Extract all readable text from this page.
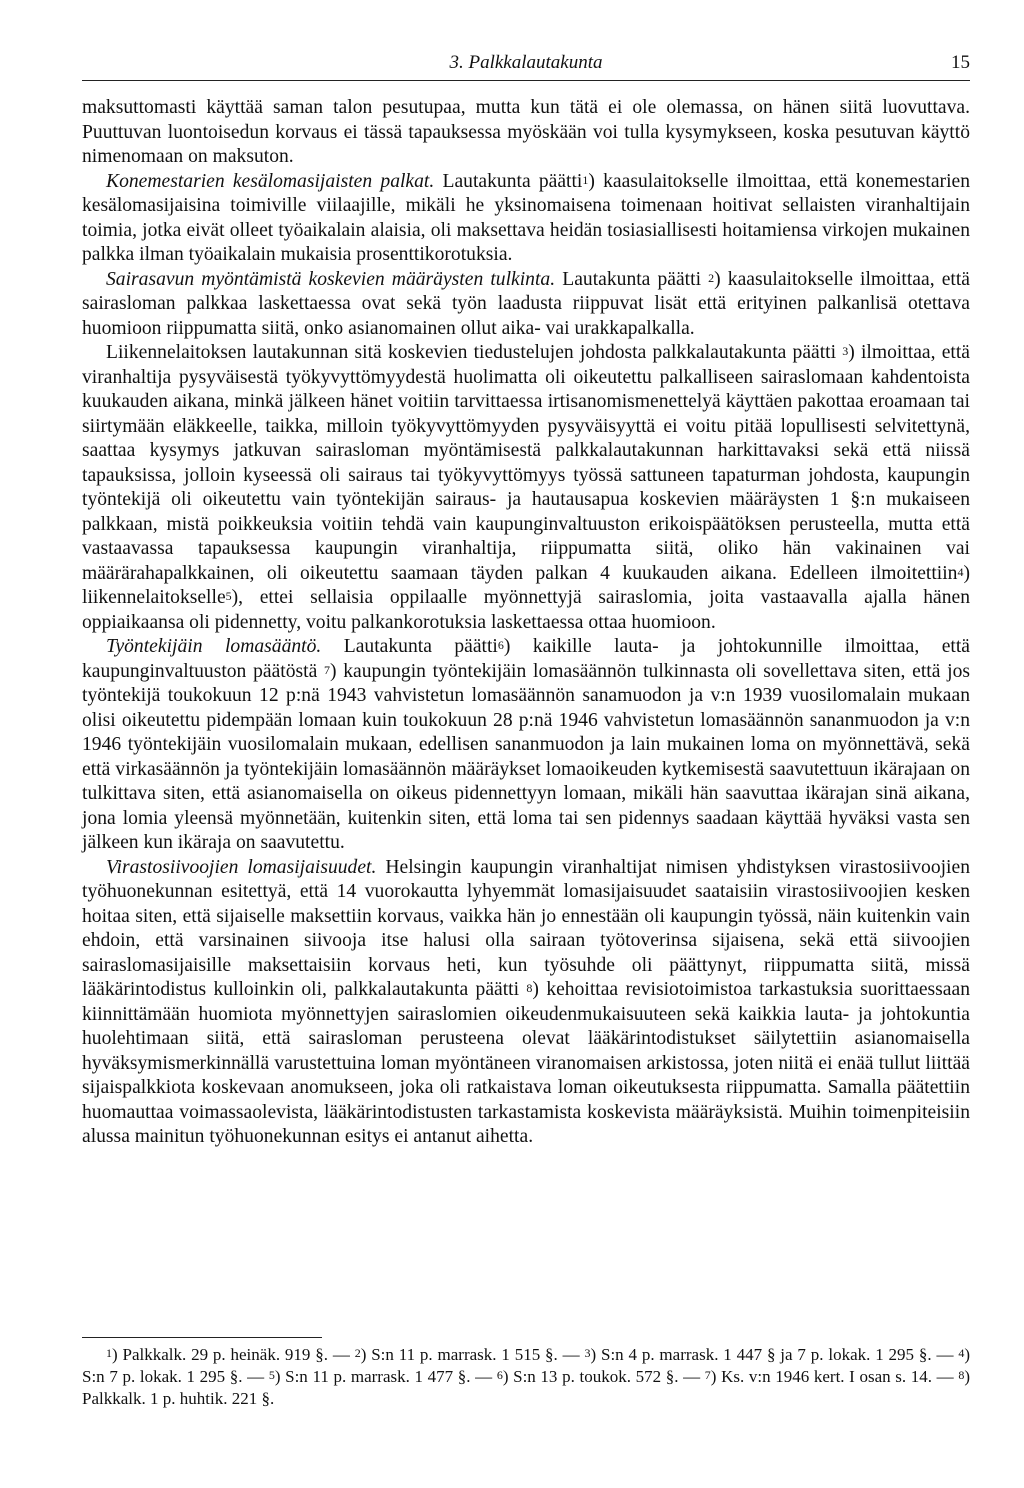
3. Palkkalautakunta	15

maksuttomasti käyttää saman talon pesutupaa, mutta kun tätä ei ole olemassa, on hänen siitä luovuttava. Puuttuvan luontoisedun korvaus ei tässä tapauksessa myöskään voi tulla kysymykseen, koska pesutuvan käyttö nimenomaan on maksuton.

Konemestarien kesälomasijaisten palkat. Lautakunta päätti$^1$) kaasulaitokselle ilmoittaa, että konemestarien kesälomasijaisina toimiville viilaajille, mikäli he yksinomaisena toimenaan hoitivat sellaisten viranhaltijain toimia, jotka eivät olleet työaikalain alaisia, oli maksettava heidän tosiasiallisesti hoitamiensa virkojen mukainen palkka ilman työaikalain mukaisia prosenttikorotuksia.

Sairasavun myöntämistä koskevien määräysten tulkinta. Lautakunta päätti $^2$) kaasulaitokselle ilmoittaa, että sairasloman palkkaa laskettaessa ovat sekä työn laadusta riippuvat lisät että erityinen palkanlisä otettava huomioon riippumatta siitä, onko asianomainen ollut aika- vai urakkapalkalla.

Liikennelaitoksen lautakunnan sitä koskevien tiedustelujen johdosta palkkalautakunta päätti $^3$) ilmoittaa, että viranhaltija pysyväisestä työkyvyttömyydestä huolimatta oli oikeutettu palkalliseen sairaslomaan kahdentoista kuukauden aikana, minkä jälkeen hänet voitiin tarvittaessa irtisanomismenettelyä käyttäen pakottaa eroamaan tai siirtymään eläkkeelle, taikka, milloin työkyvyttömyyden pysyväisyyttä ei voitu pitää lopullisesti selvitettynä, saattaa kysymys jatkuvan sairasloman myöntämisestä palkkalautakunnan harkittavaksi sekä että niissä tapauksissa, jolloin kyseessä oli sairaus tai työkyvyttömyys työssä sattuneen tapaturman johdosta, kaupungin työntekijä oli oikeutettu vain työntekijän sairaus- ja hautausapua koskevien määräysten 1 §:n mukaiseen palkkaan, mistä poikkeuksia voitiin tehdä vain kaupunginvaltuuston erikoispäätöksen perusteella, mutta että vastaavassa tapauksessa kaupungin viranhaltija, riippumatta siitä, oliko hän vakinainen vai määrärahapalkkainen, oli oikeutettu saamaan täyden palkan 4 kuukauden aikana. Edelleen ilmoitettiin$^4$) liikennelaitokselle$^5$), ettei sellaisia oppilaalle myönnettyjä sairaslomia, joita vastaavalla ajalla hänen oppiaikaansa oli pidennetty, voitu palkankorotuksia laskettaessa ottaa huomioon.

Työntekijäin lomasääntö. Lautakunta päätti$^6$) kaikille lauta- ja johtokunnille ilmoittaa, että kaupunginvaltuuston päätöstä $^7$) kaupungin työntekijäin lomasäännön tulkinnasta oli sovellettava siten, että jos työntekijä toukokuun 12 p:nä 1943 vahvistetun lomasäännön sanamuodon ja v:n 1939 vuosilomalain mukaan olisi oikeutettu pidempään lomaan kuin toukokuun 28 p:nä 1946 vahvistetun lomasäännön sananmuodon ja v:n 1946 työntekijäin vuosilomalain mukaan, edellisen sananmuodon ja lain mukainen loma on myönnettävä, sekä että virkasäännön ja työntekijäin lomasäännön määräykset lomaoikeuden kytkemisestä saavutettuun ikärajaan on tulkittava siten, että asianomaisella on oikeus pidennettyyn lomaan, mikäli hän saavuttaa ikärajan sinä aikana, jona lomia yleensä myönnetään, kuitenkin siten, että loma tai sen pidennys saadaan käyttää hyväksi vasta sen jälkeen kun ikäraja on saavutettu.

Virastosiivoojien lomasijaisuudet. Helsingin kaupungin viranhaltijat nimisen yhdistyksen virastosiivoojien työhuonekunnan esitettyä, että 14 vuorokautta lyhyemmät lomasijaisuudet saataisiin virastosiivoojien kesken hoitaa siten, että sijaiselle maksettiin korvaus, vaikka hän jo ennestään oli kaupungin työssä, näin kuitenkin vain ehdoin, että varsinainen siivooja itse halusi olla sairaan työtoverinsa sijaisena, sekä että siivoojien sairaslomasijaisille maksettaisiin korvaus heti, kun työsuhde oli päättynyt, riippumatta siitä, missä lääkärintodistus kulloinkin oli, palkkalautakunta päätti $^8$) kehoittaa revisiotoimistoa tarkastuksia suorittaessaan kiinnittämään huomiota myönnettyjen sairaslomien oikeudenmukaisuuteen sekä kaikkia lauta- ja johtokuntia huolehtimaan siitä, että sairasloman perusteena olevat lääkärintodistukset säilytettiin asianomaisella hyväksymismerkinnällä varustettuina loman myöntäneen viranomaisen arkistossa, joten niitä ei enää tullut liittää sijaispalkkiota koskevaan anomukseen, joka oli ratkaistava loman oikeutuksesta riippumatta. Samalla päätettiin huomauttaa voimassaolevista, lääkärintodistusten tarkastamista koskevista määräyksistä. Muihin toimenpiteisiin alussa mainitun työhuonekunnan esitys ei antanut aihetta.

$^1$) Palkkalk. 29 p. heinäk. 919 §. — $^2$) S:n 11 p. marrask. 1 515 §. — $^3$) S:n 4 p. marrask. 1 447 § ja 7 p. lokak. 1 295 §. — $^4$) S:n 7 p. lokak. 1 295 §. — $^5$) S:n 11 p. marrask. 1 477 §. — $^6$) S:n 13 p. toukok. 572 §. — $^7$) Ks. v:n 1946 kert. I osan s. 14. — $^8$) Palkkalk. 1 p. huhtik. 221 §.
